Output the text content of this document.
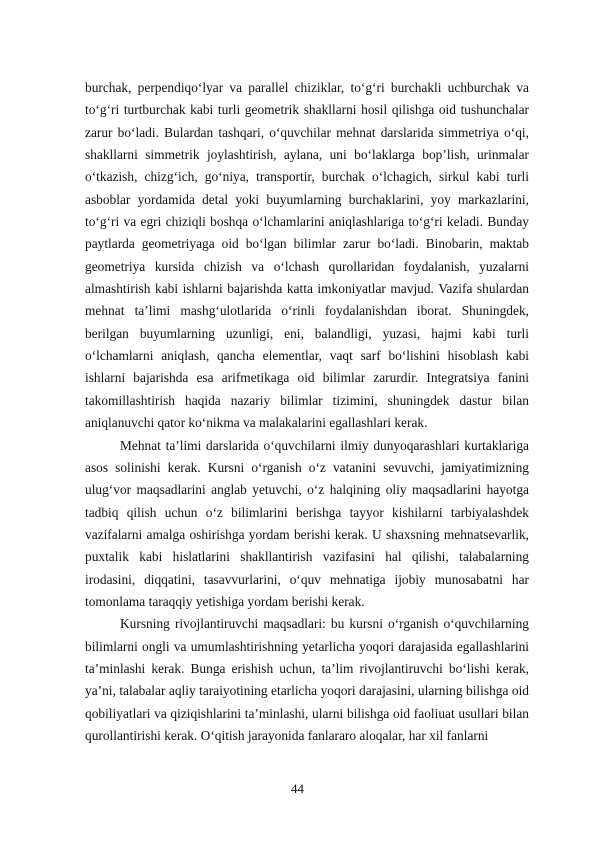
burchak, perpendiqo‘lyar va parallel chiziklar, to‘g‘ri burchakli uchburchak va to‘g‘ri turtburchak kabi turli geometrik shakllarni hosil qilishga oid tushunchalar zarur bo‘ladi. Bulardan tashqari, o‘quvchilar mehnat darslarida simmetriya o‘qi, shakllarni simmetrik joylashtirish, aylana, uni bo‘laklarga bop’lish, urinmalar o‘tkazish, chizg‘ich, go‘niya, transportir, burchak o‘lchagich, sirkul kabi turli asboblar yordamida detal yoki buyumlarning burchaklarini, yoy markazlarini, to‘g‘ri va egri chiziqli boshqa o‘lchamlarini aniqlashlariga to‘g‘ri keladi. Bunday paytlarda geometriyaga oid bo‘lgan bilimlar zarur bo‘ladi. Binobarin, maktab geometriya kursida chizish va o‘lchash qurollaridan foydalanish, yuzalarni almashtirish kabi ishlarni bajarishda katta imkoniyatlar mavjud. Vazifa shulardan mehnat ta’limi mashg‘ulotlarida o‘rinli foydalanishdan iborat. Shuningdek, berilgan buyumlarning uzunligi, eni, balandligi, yuzasi, hajmi kabi turli o‘lchamlarni aniqlash, qancha elementlar, vaqt sarf bo‘lishini hisoblash kabi ishlarni bajarishda esa arifmetikaga oid bilimlar zarurdir. Integratsiya fanini takomillashtirish haqida nazariy bilimlar tizimini, shuningdek dastur bilan aniqlanuvchi qator ko‘nikma va malakalarini egallashlari kerak.

Mehnat ta’limi darslarida o‘quvchilarni ilmiy dunyoqarashlari kurtaklariga asos solinishi kerak. Kursni o‘rganish o‘z vatanini sevuvchi, jamiyatimizning ulug‘vor maqsadlarini anglab yetuvchi, o‘z halqining oliy maqsadlarini hayotga tadbiq qilish uchun o‘z bilimlarini berishga tayyor kishilarni tarbiyalashdek vazifalarni amalga oshirishga yordam berishi kerak. U shaxsning mehnatsevarlik, puxtalik kabi hislatlarini shakllantirish vazifasini hal qilishi, talabalarning irodasini, diqqatini, tasavvurlarini, o‘quv mehnatiga ijobiy munosabatni har tomonlama taraqqiy yetishiga yordam berishi kerak.

Kursning rivojlantiruvchi maqsadlari: bu kursni o‘rganish o‘quvchilarning bilimlarni ongli va umumlashtirishning yetarlicha yoqori darajasida egallashlarini ta’minlashi kerak. Bunga erishish uchun, ta’lim rivojlantiruvchi bo‘lishi kerak, ya’ni, talabalar aqliy taraiyotining etarlicha yoqori darajasini, ularning bilishga oid qobiliyatlari va qiziqishlarini ta’minlashi, ularni bilishga oid faoliuat usullari bilan qurollantirishi kerak. O‘qitish jarayonida fanlararo aloqalar, har xil fanlarni

44
